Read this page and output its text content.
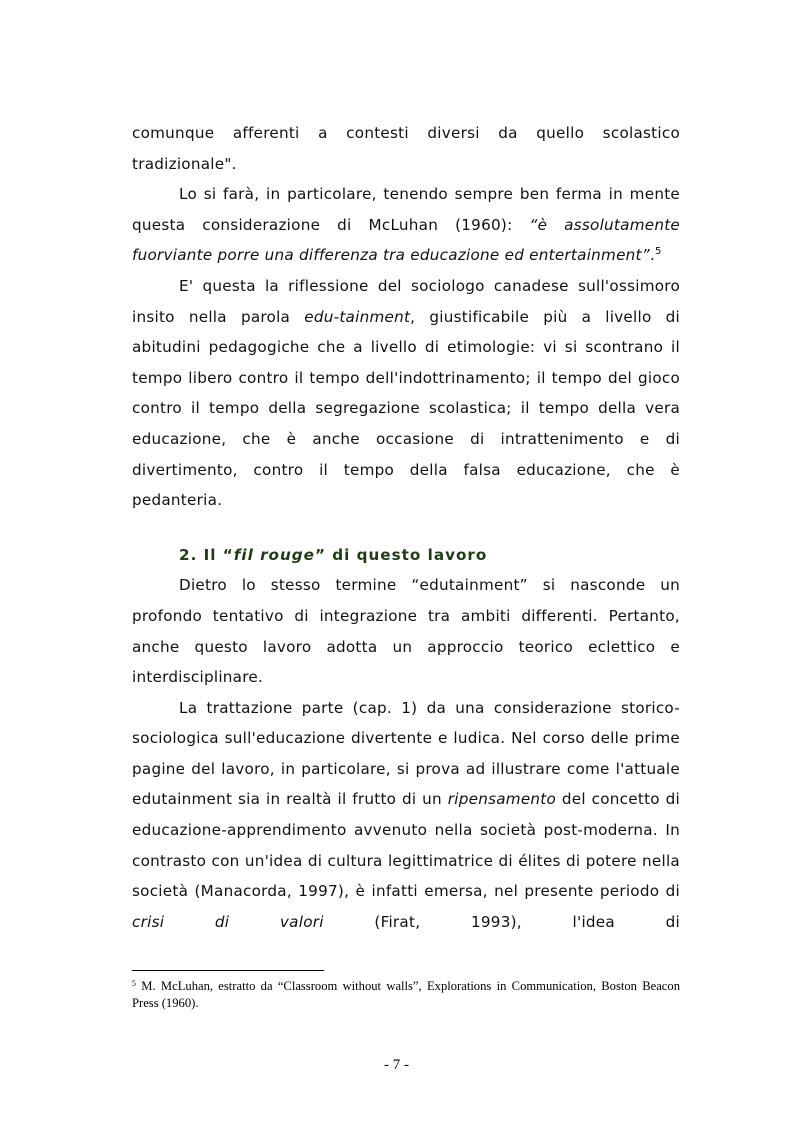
comunque afferenti a contesti diversi da quello scolastico tradizionale".

Lo si farà, in particolare, tenendo sempre ben ferma in mente questa considerazione di McLuhan (1960): “è assolutamente fuorviante porre una differenza tra educazione ed entertainment”.$^5$

E' questa la riflessione del sociologo canadese sull'ossimoro insito nella parola edu-tainment, giustificabile più a livello di abitudini pedagogiche che a livello di etimologie: vi si scontrano il tempo libero contro il tempo dell'indottrinamento; il tempo del gioco contro il tempo della segregazione scolastica; il tempo della vera educazione, che è anche occasione di intrattenimento e di divertimento, contro il tempo della falsa educazione, che è pedanteria.

2. Il “fil rouge” di questo lavoro

Dietro lo stesso termine “edutainment” si nasconde un profondo tentativo di integrazione tra ambiti differenti. Pertanto, anche questo lavoro adotta un approccio teorico eclettico e interdisciplinare.

La trattazione parte (cap. 1) da una considerazione storico-sociologica sull'educazione divertente e ludica. Nel corso delle prime pagine del lavoro, in particolare, si prova ad illustrare come l'attuale edutainment sia in realtà il frutto di un ripensamento del concetto di educazione-apprendimento avvenuto nella società post-moderna. In contrasto con un'idea di cultura legittimatrice di élites di potere nella società (Manacorda, 1997), è infatti emersa, nel presente periodo di crisi di valori (Firat, 1993), l'idea di

$^5$ M. McLuhan, estratto da “Classroom without walls”, Explorations in Communication, Boston Beacon Press (1960).
- 7 -
